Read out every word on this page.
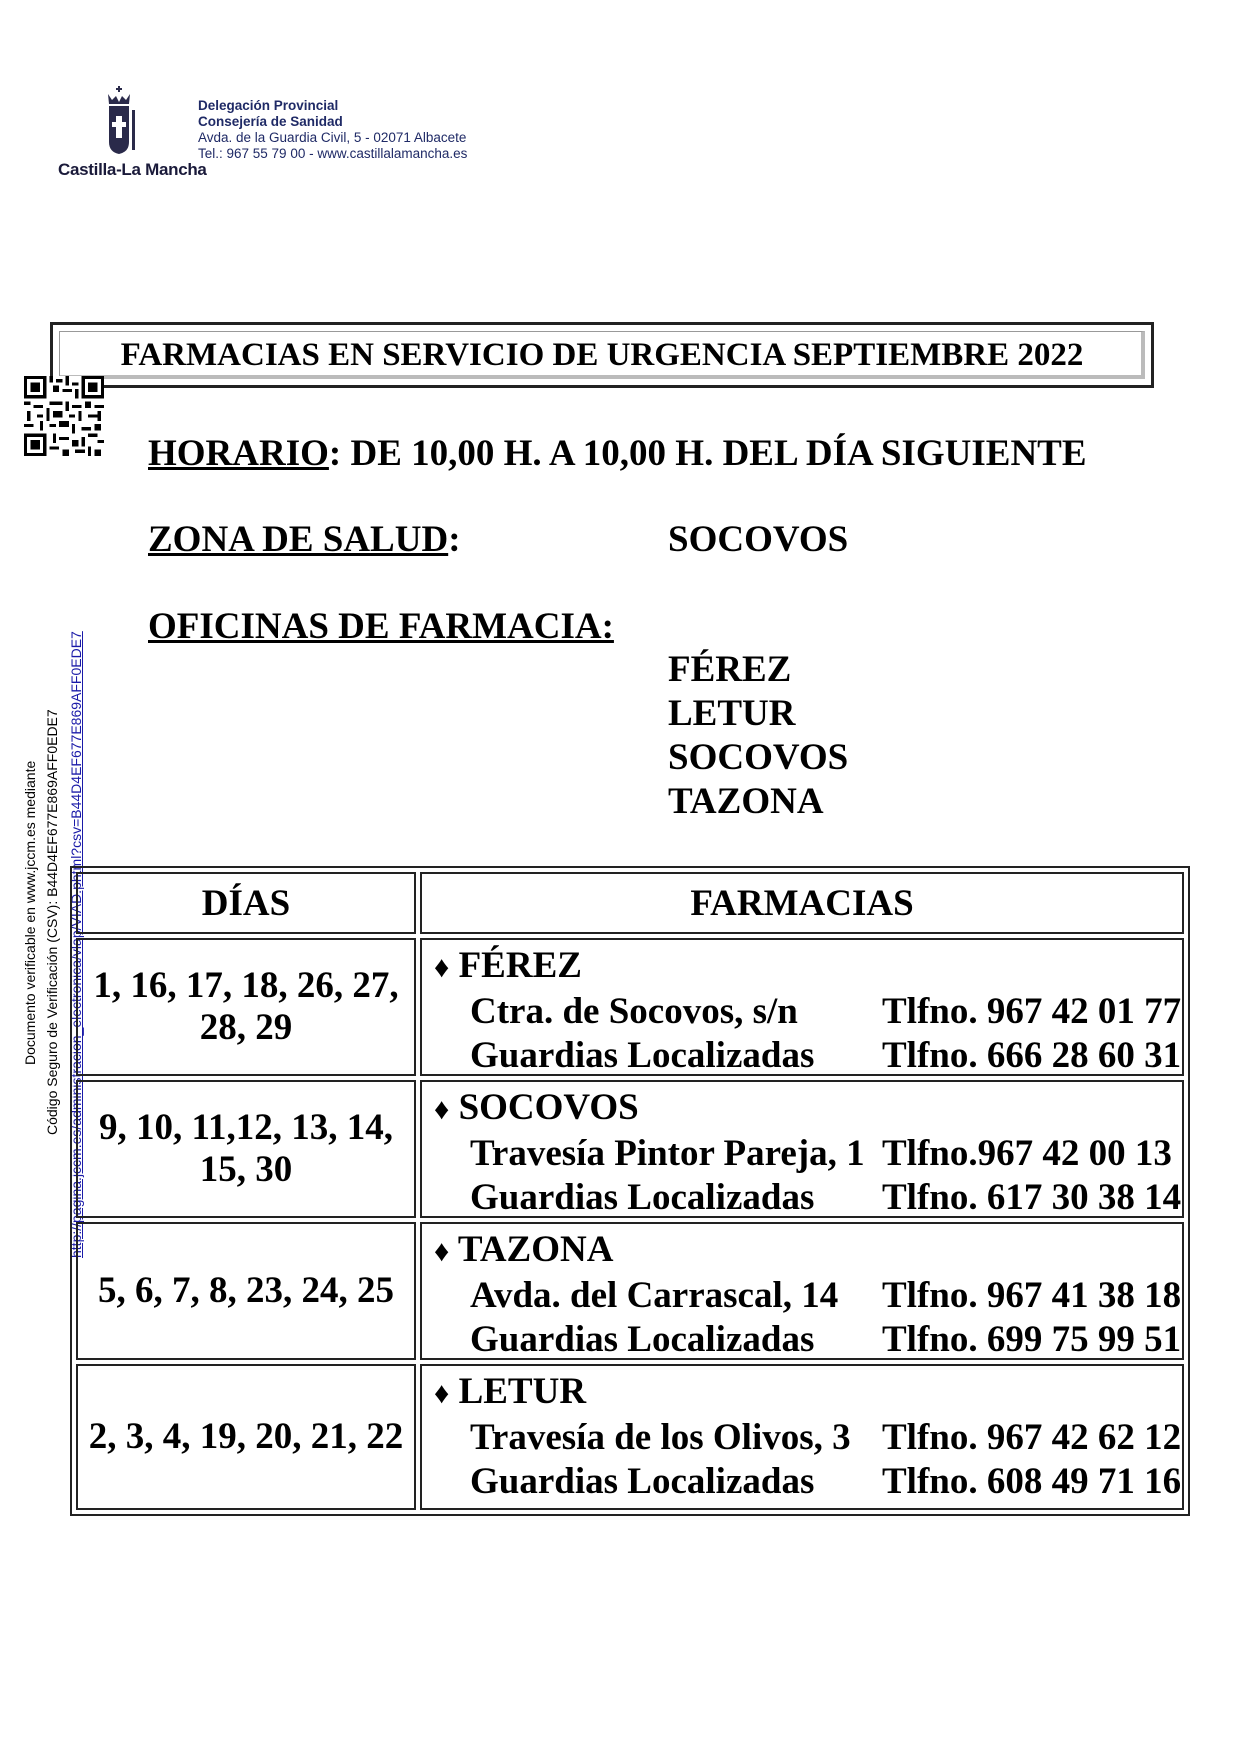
Castilla-La Mancha
Delegación Provincial
Consejería de Sanidad
Avda. de la Guardia Civil, 5 - 02071 Albacete
Tel.: 967 55 79 00 - www.castillalamancha.es
FARMACIAS EN SERVICIO DE URGENCIA SEPTIEMBRE 2022
Documento verificable en www.jccm.es mediante Código Seguro de Verificación (CSV): B44D4EF677E869AFF0EDE7 http://pagina.jccm.es/administracion_electronica/vlap/VIAD.phtml?csv=B44D4EF677E869AFF0EDE7
HORARIO: DE 10,00 H. A 10,00 H. DEL DÍA SIGUIENTE
ZONA DE SALUD:	SOCOVOS
OFICINAS DE FARMACIA:
FÉREZ
LETUR
SOCOVOS
TAZONA
DÍAS	FARMACIAS
1, 16, 17, 18, 26, 27, 28, 29
♦ FÉREZ
Ctra. de Socovos, s/n Tlfno. 967 42 01 77
Guardias Localizadas Tlfno. 666 28 60 31
9, 10, 11,12, 13, 14, 15, 30
♦ SOCOVOS
Travesía Pintor Pareja, 1 Tlfno.967 42 00 13
Guardias Localizadas Tlfno. 617 30 38 14
5, 6, 7, 8, 23, 24, 25
♦ TAZONA
Avda. del Carrascal, 14 Tlfno. 967 41 38 18
Guardias Localizadas Tlfno. 699 75 99 51
2, 3, 4, 19, 20, 21, 22
♦ LETUR
Travesía de los Olivos, 3 Tlfno. 967 42 62 12
Guardias Localizadas Tlfno. 608 49 71 16
